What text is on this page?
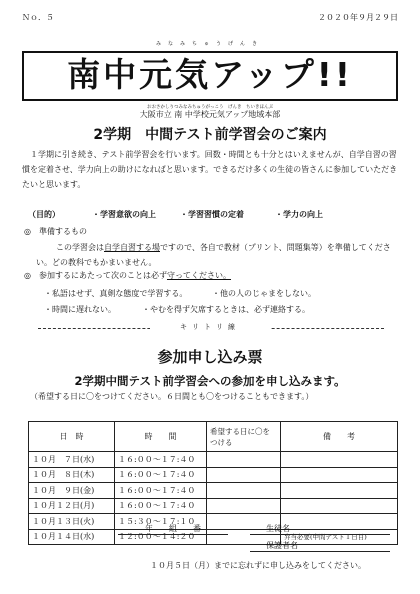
Ｎｏ．５	２０２０年９月２９日
みなみちゅうげんき
南中元気アップ!!
おおさかしりつみなみちゅうがっこう　げんき　ちいきほんぶ
大阪市立 南 中学校元気アップ地域本部
2学期　中間テスト前学習会のご案内
１学期に引き続き、テスト前学習会を行います。回数・時間とも十分とはいえませんが、自学自習の習慣を定着させ、学力向上の助けになればと思います。できるだけ多くの生徒の皆さんに参加していただきたいと思います。
（目的）	・学習意欲の向上	・学習習慣の定着	・学力の向上
◎　準備するもの
この学習会は自学自習する場ですので、各自で教材（プリント、問題集等）を準備してください。どの教科でもかまいません。
◎　参加するにあたって次のことは必ず守ってください。
・私語はせず、真剣な態度で学習する。	・他の人のじゃまをしない。
・時間に遅れない。	・やむを得ず欠席するときは、必ず連絡する。
キリトリ線
参加申し込み票
2学期中間テスト前学習会への参加を申し込みます。
（希望する日に〇をつけてください。６日間とも〇をつけることもできます。）
日　時	時　　間	希望する日に〇をつける	備　　考
１０月　７日(水)	１６:００～１７:４０		
１０月　８日(木)	１６:００～１７:４０		
１０月　９日(金)	１６:００～１７:４０		
１０月１２日(月)	１６:００～１７:４０		
１０月１３日(火)	１５:３０～１７:１０		
１０月１４日(水)	１２:００～１４:２０		弁当必要(中間テスト１日目)
年　　組　　番	生徒名
保護者名
１０月５日（月）までに忘れずに申し込みをしてください。
